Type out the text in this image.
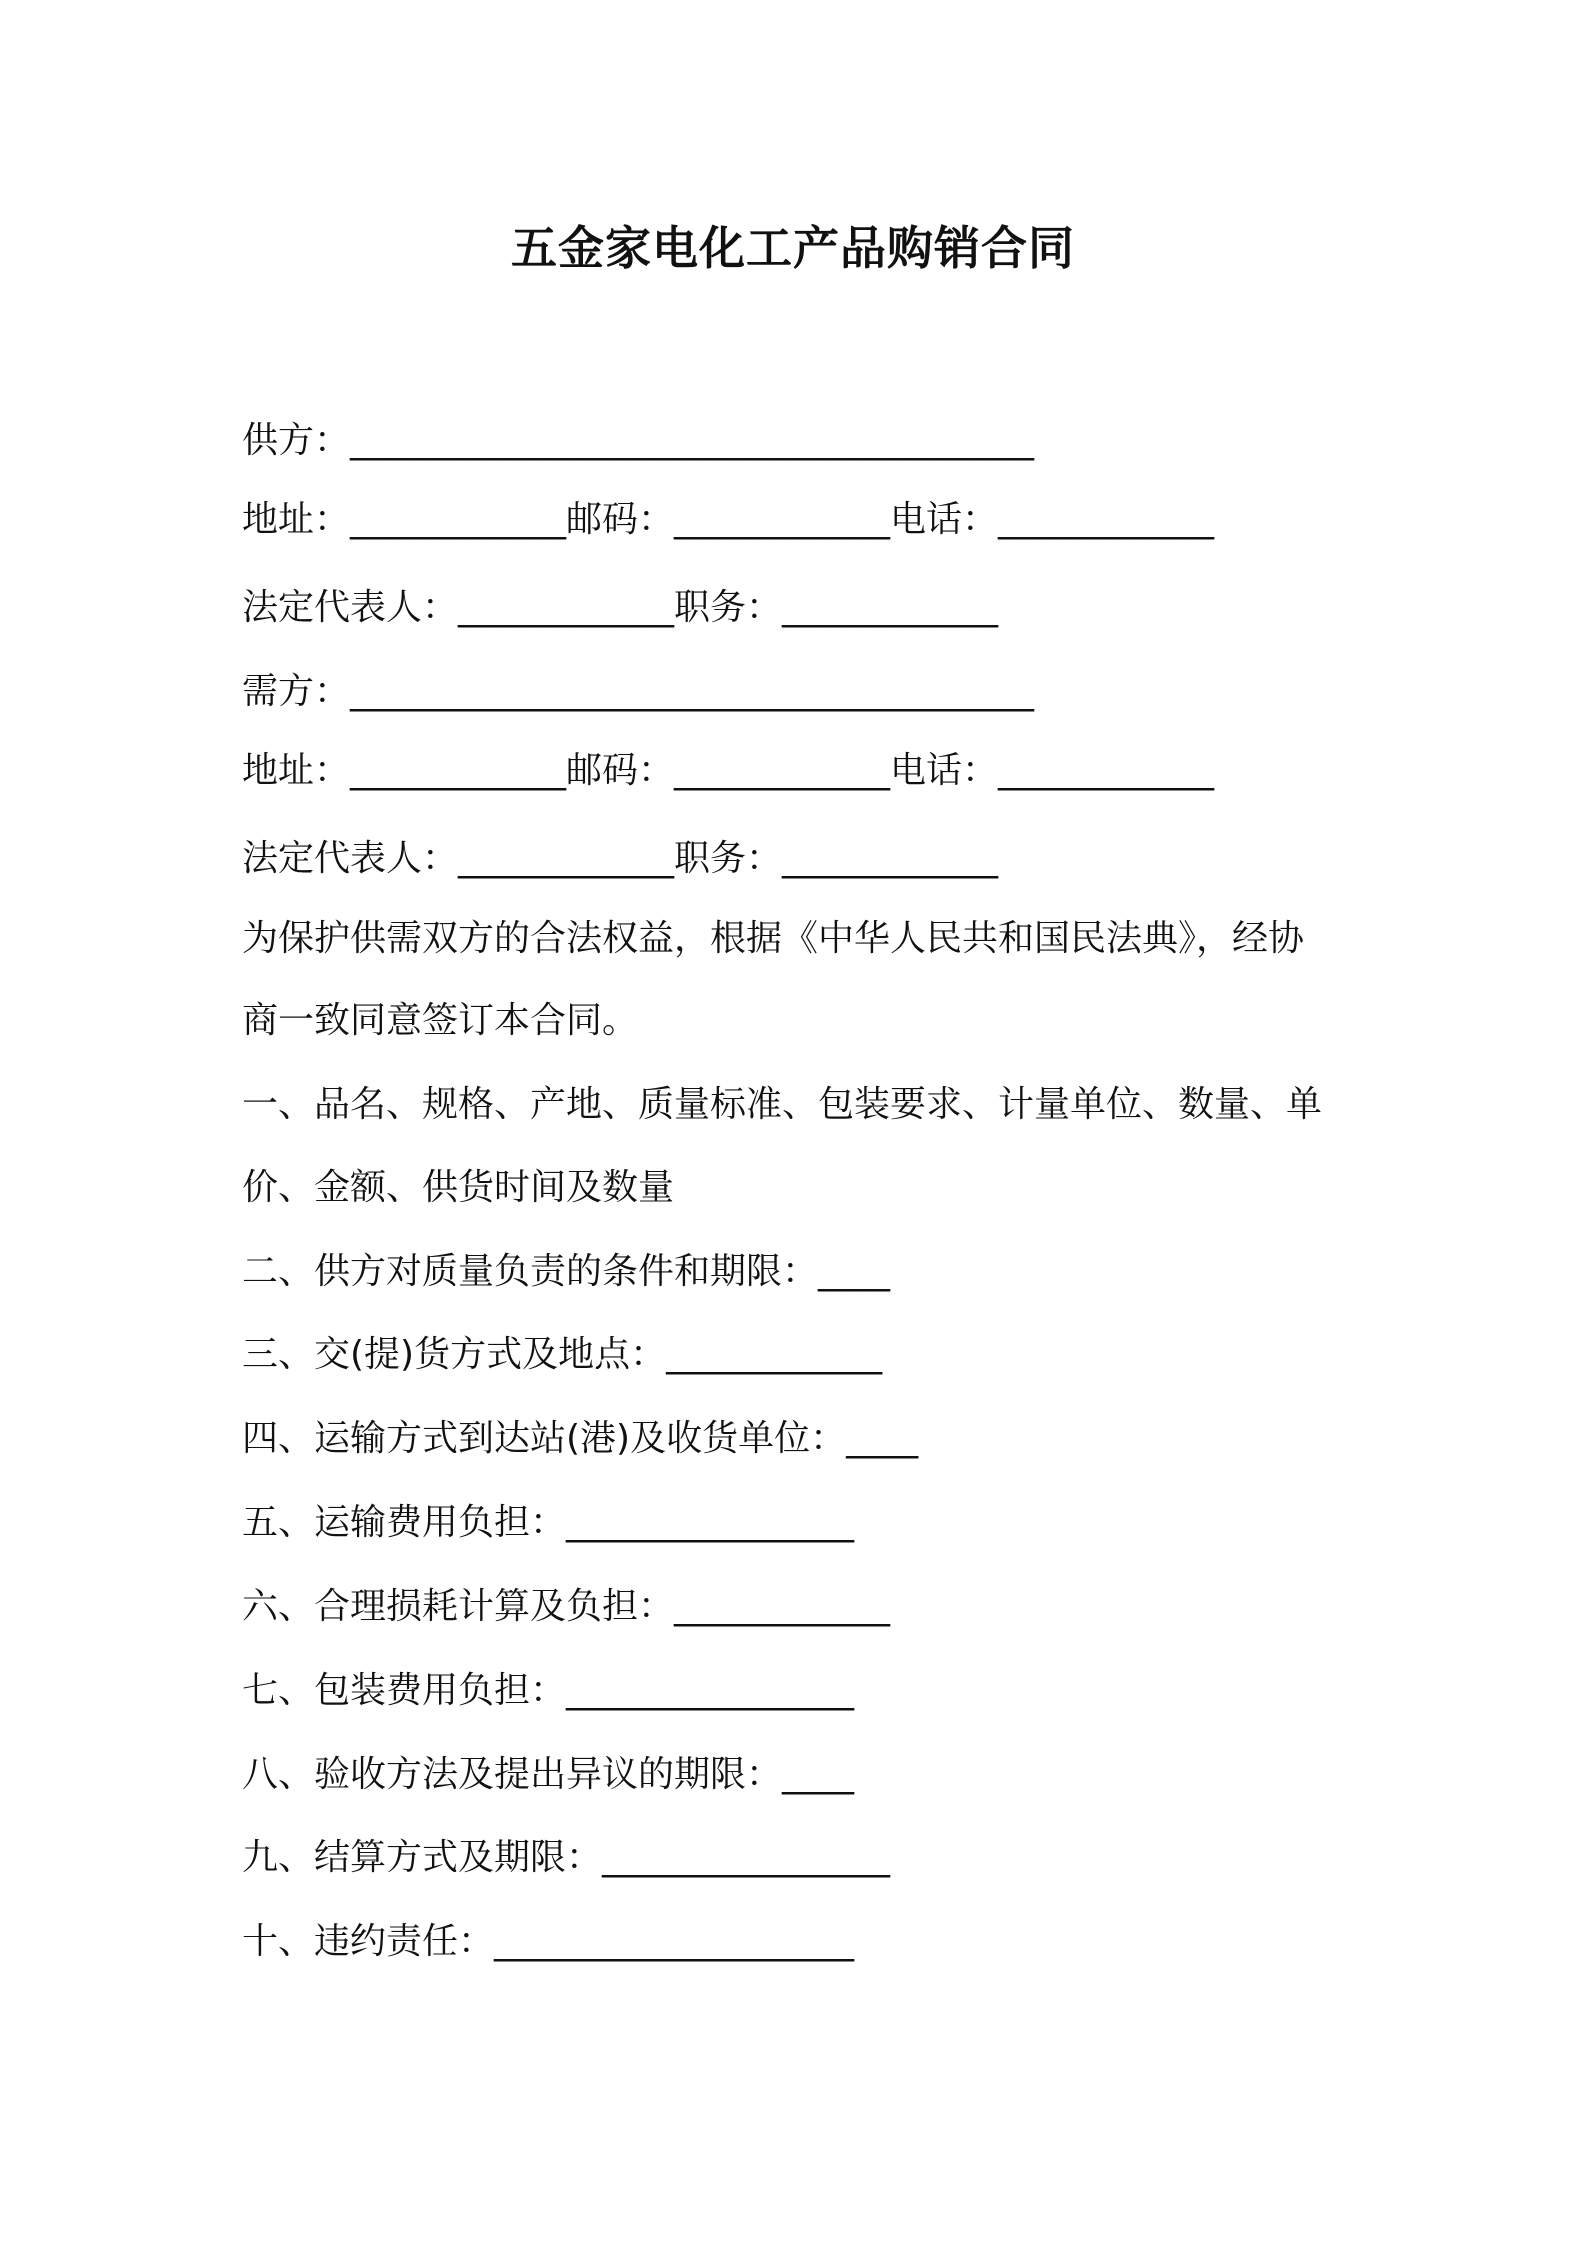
五金家电化工产品购销合同
供方：______________________________________
地址：____________邮码：____________电话：____________
法定代表人：____________职务：____________
需方：______________________________________
地址：____________邮码：____________电话：____________
法定代表人：____________职务：____________
为保护供需双方的合法权益，根据《中华人民共和国民法典》，经协
商一致同意签订本合同。
一、品名、规格、产地、质量标准、包装要求、计量单位、数量、单
价、金额、供货时间及数量
二、供方对质量负责的条件和期限：____
三、交(提)货方式及地点：____________
四、运输方式到达站(港)及收货单位：____
五、运输费用负担：________________
六、合理损耗计算及负担：____________
七、包装费用负担：________________
八、验收方法及提出异议的期限：____
九、结算方式及期限：________________
十、违约责任：____________________
